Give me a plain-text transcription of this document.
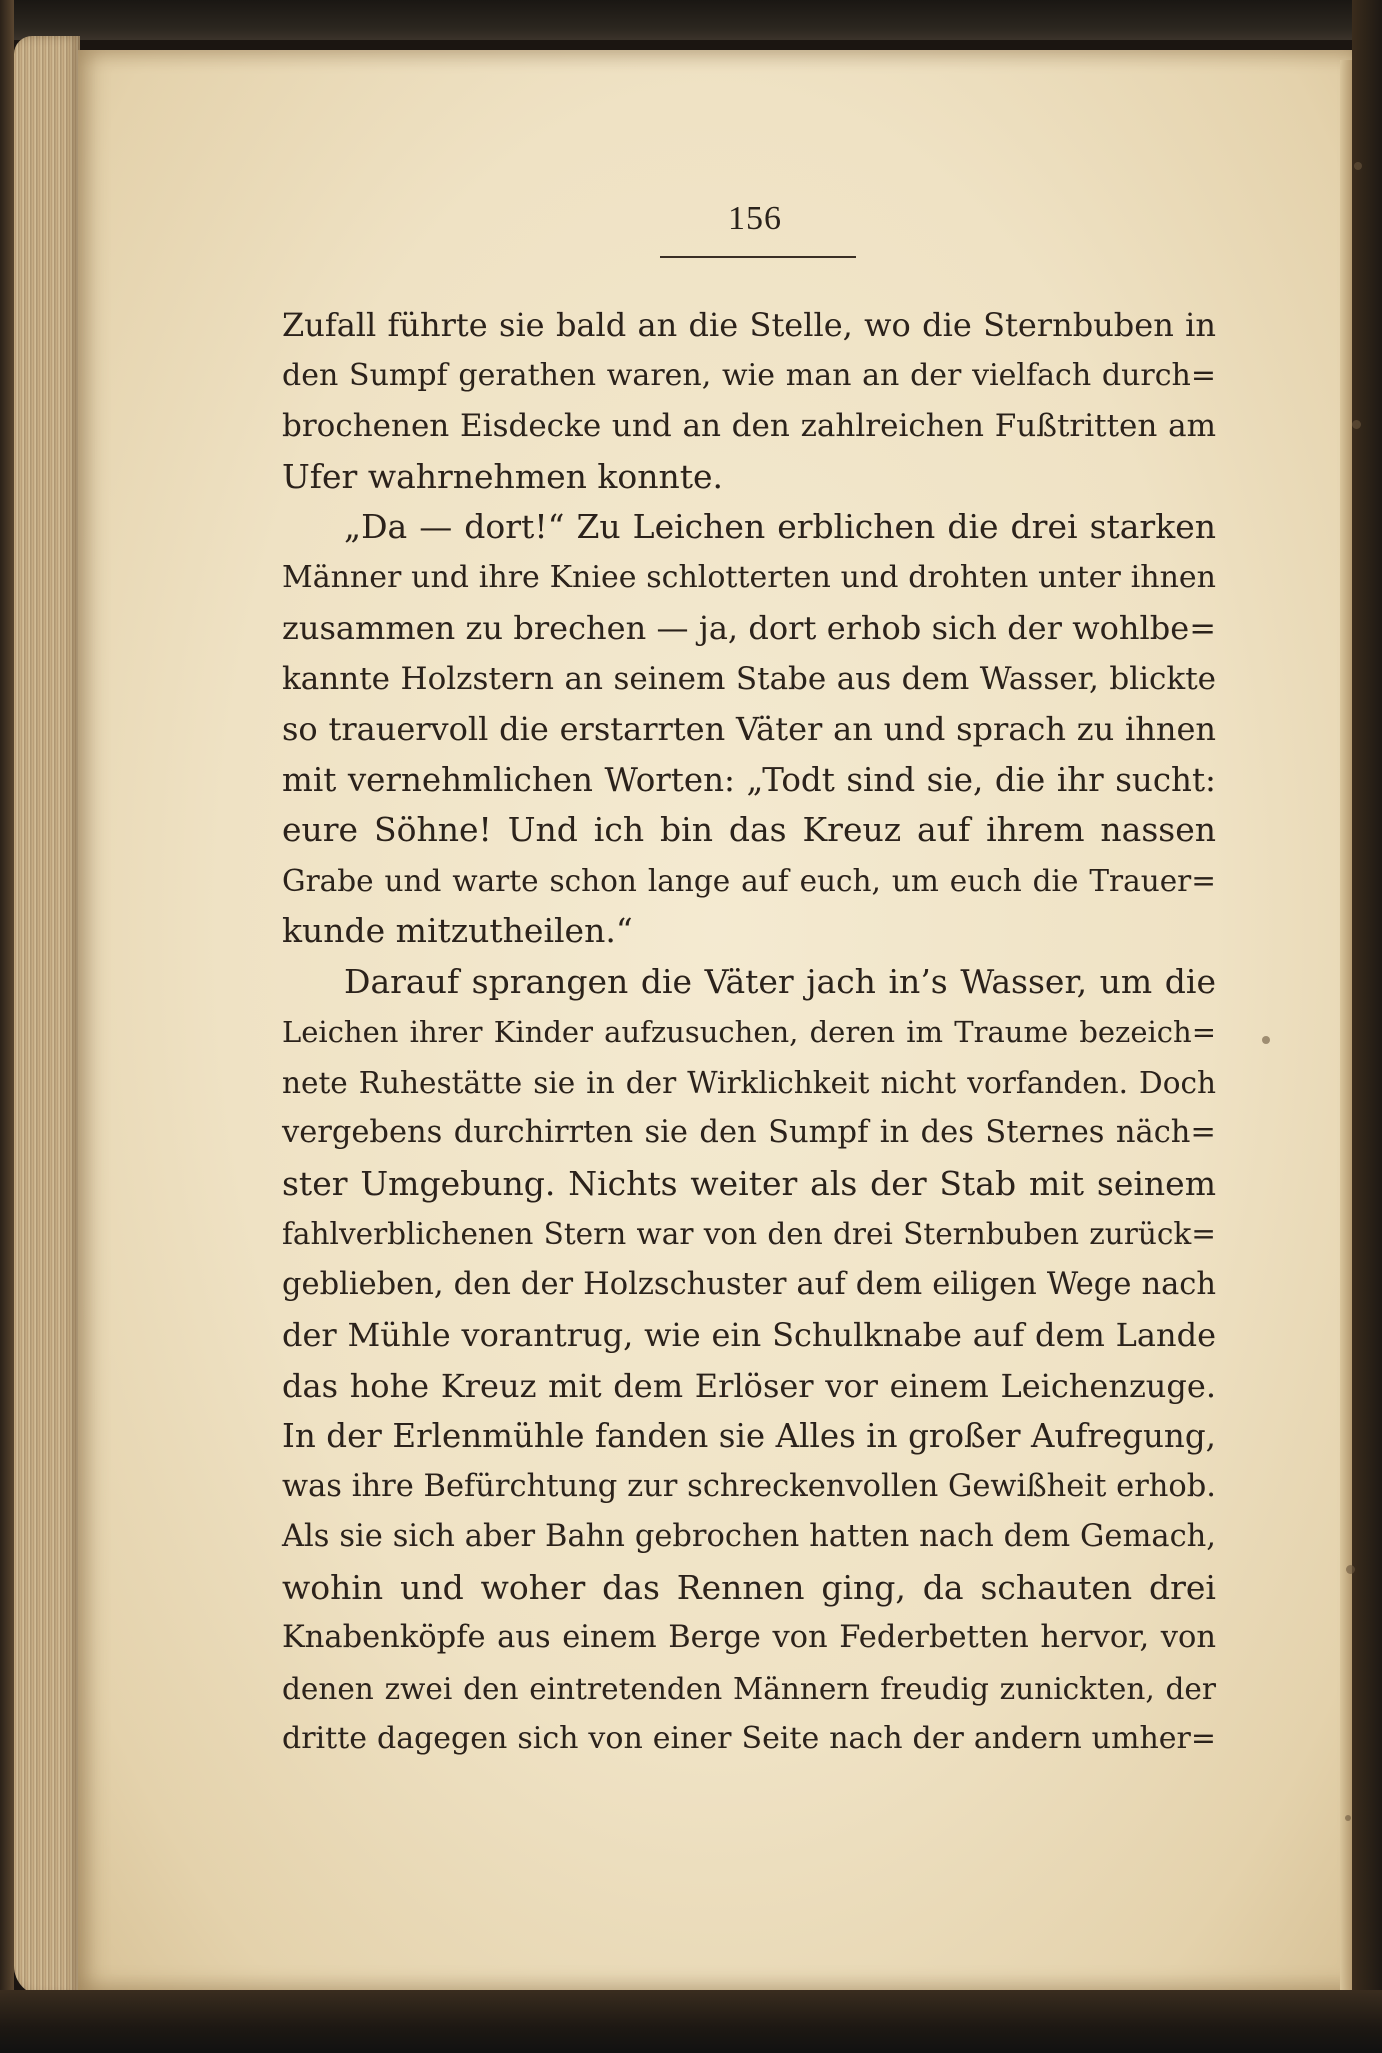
156
Zufall führte sie bald an die Stelle, wo die Sternbuben in
den Sumpf gerathen waren, wie man an der vielfach durch=
brochenen Eisdecke und an den zahlreichen Fußtritten am
Ufer wahrnehmen konnte.
„Da — dort!“ Zu Leichen erblichen die drei starken
Männer und ihre Kniee schlotterten und drohten unter ihnen
zusammen zu brechen — ja, dort erhob sich der wohlbe=
kannte Holzstern an seinem Stabe aus dem Wasser, blickte
so trauervoll die erstarrten Väter an und sprach zu ihnen
mit vernehmlichen Worten: „Todt sind sie, die ihr sucht:
eure Söhne! Und ich bin das Kreuz auf ihrem nassen
Grabe und warte schon lange auf euch, um euch die Trauer=
kunde mitzutheilen.“
Darauf sprangen die Väter jach in’s Wasser, um die
Leichen ihrer Kinder aufzusuchen, deren im Traume bezeich=
nete Ruhestätte sie in der Wirklichkeit nicht vorfanden. Doch
vergebens durchirrten sie den Sumpf in des Sternes näch=
ster Umgebung. Nichts weiter als der Stab mit seinem
fahlverblichenen Stern war von den drei Sternbuben zurück=
geblieben, den der Holzschuster auf dem eiligen Wege nach
der Mühle vorantrug, wie ein Schulknabe auf dem Lande
das hohe Kreuz mit dem Erlöser vor einem Leichenzuge.
In der Erlenmühle fanden sie Alles in großer Aufregung,
was ihre Befürchtung zur schreckenvollen Gewißheit erhob.
Als sie sich aber Bahn gebrochen hatten nach dem Gemach,
wohin und woher das Rennen ging, da schauten drei
Knabenköpfe aus einem Berge von Federbetten hervor, von
denen zwei den eintretenden Männern freudig zunickten, der
dritte dagegen sich von einer Seite nach der andern umher=
